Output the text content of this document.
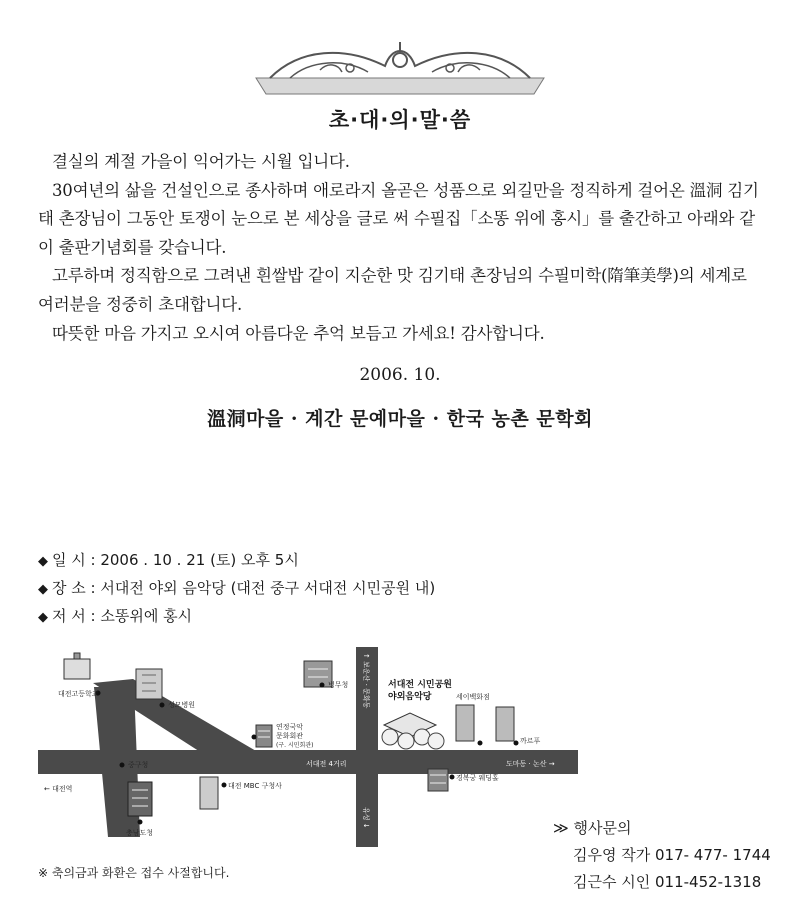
초·대·의·말·씀

결실의 계절 가을이 익어가는 시월 입니다.

30여년의 삶을 건설인으로 종사하며 애로라지 올곧은 성품으로 외길만을 정직하게 걸어온 溫洞 김기태 촌장님이 그동안 토쟁이 눈으로 본 세상을 글로 써 수필집「소똥 위에 홍시」를 출간하고 아래와 같이 출판기념회를 갖습니다.

고루하며 정직함으로 그려낸 흰쌀밥 같이 지순한 맛 김기태 촌장님의 수필미학(隋筆美學)의 세계로 여러분을 정중히 초대합니다.

따뜻한 마음 가지고 오시여 아름다운 추억 보듬고 가세요! 감사합니다.

2006. 10.
溫洞마을 · 계간 문예마을 · 한국 농촌 문학회
◆ 일 시 : 2006 . 10 . 21 (토) 오후 5시
◆ 장 소 : 서대전 야외 음악당 (대전 중구 서대전 시민공원 내)
◆ 저 서 : 소똥위에 홍시
대전고등학교
성모병원
병무청	서대전 시민공원
야외음악당
연정국악
문화회관
(구. 시민회관)
세이백화점
까르푸
중구청
← 대전역	대전 MBC 구청사
서대전 4거리
경복궁 웨딩홀
도마동 · 논산 →
유성 ↓
↑ 보운산 · 문화동
충남도청	≫ 행사문의
김우영 작가 017- 477- 1744
김근수 시인 011-452-1318
※ 축의금과 화환은 접수 사절합니다.
